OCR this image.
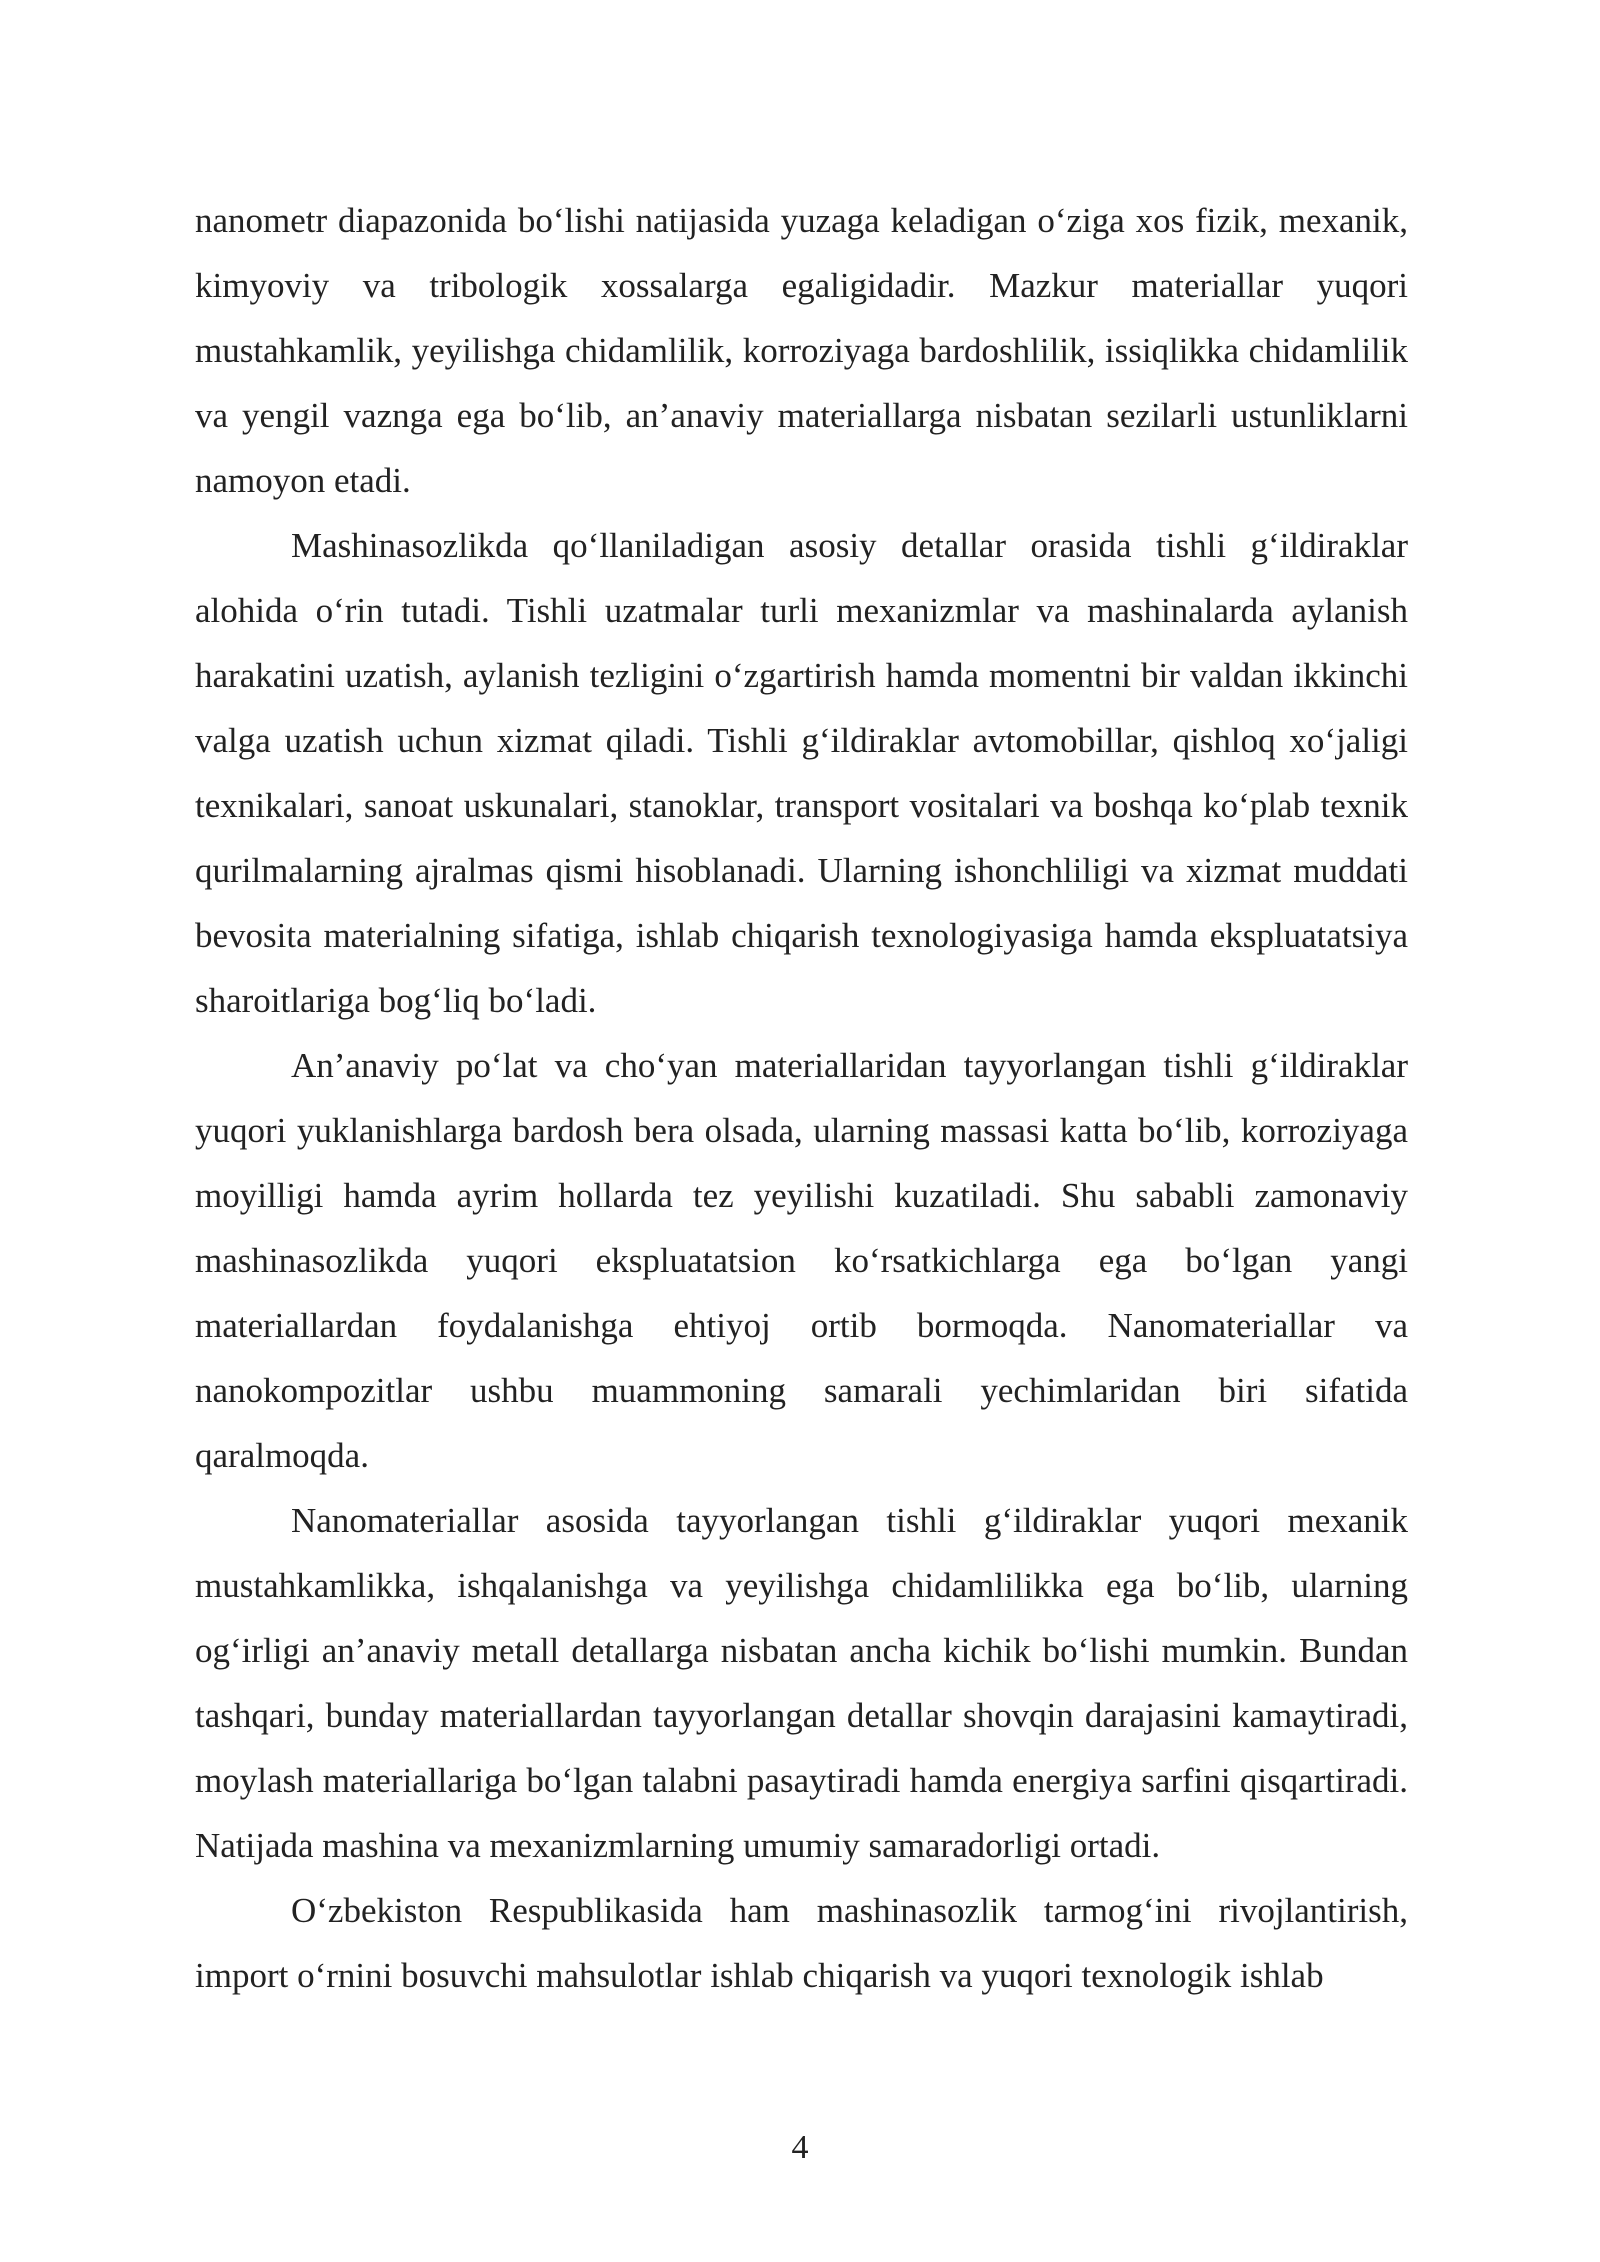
nanometr diapazonida bo‘lishi natijasida yuzaga keladigan o‘ziga xos fizik, mexanik, kimyoviy va tribologik xossalarga egaligidadir. Mazkur materiallar yuqori mustahkamlik, yeyilishga chidamlilik, korroziyaga bardoshlilik, issiqlikka chidamlilik va yengil vaznga ega bo‘lib, an’anaviy materiallarga nisbatan sezilarli ustunliklarni namoyon etadi.

Mashinasozlikda qo‘llaniladigan asosiy detallar orasida tishli g‘ildiraklar alohida o‘rin tutadi. Tishli uzatmalar turli mexanizmlar va mashinalarda aylanish harakatini uzatish, aylanish tezligini o‘zgartirish hamda momentni bir valdan ikkinchi valga uzatish uchun xizmat qiladi. Tishli g‘ildiraklar avtomobillar, qishloq xo‘jaligi texnikalari, sanoat uskunalari, stanoklar, transport vositalari va boshqa ko‘plab texnik qurilmalarning ajralmas qismi hisoblanadi. Ularning ishonchliligi va xizmat muddati bevosita materialning sifatiga, ishlab chiqarish texnologiyasiga hamda ekspluatatsiya sharoitlariga bog‘liq bo‘ladi.

An’anaviy po‘lat va cho‘yan materiallaridan tayyorlangan tishli g‘ildiraklar yuqori yuklanishlarga bardosh bera olsada, ularning massasi katta bo‘lib, korroziyaga moyilligi hamda ayrim hollarda tez yeyilishi kuzatiladi. Shu sababli zamonaviy mashinasozlikda yuqori ekspluatatsion ko‘rsatkichlarga ega bo‘lgan yangi materiallardan foydalanishga ehtiyoj ortib bormoqda. Nanomateriallar va nanokompozitlar ushbu muammoning samarali yechimlaridan biri sifatida qaralmoqda.

Nanomateriallar asosida tayyorlangan tishli g‘ildiraklar yuqori mexanik mustahkamlikka, ishqalanishga va yeyilishga chidamlilikka ega bo‘lib, ularning og‘irligi an’anaviy metall detallarga nisbatan ancha kichik bo‘lishi mumkin. Bundan tashqari, bunday materiallardan tayyorlangan detallar shovqin darajasini kamaytiradi, moylash materiallariga bo‘lgan talabni pasaytiradi hamda energiya sarfini qisqartiradi. Natijada mashina va mexanizmlarning umumiy samaradorligi ortadi.

O‘zbekiston Respublikasida ham mashinasozlik tarmog‘ini rivojlantirish, import o‘rnini bosuvchi mahsulotlar ishlab chiqarish va yuqori texnologik ishlab

4
